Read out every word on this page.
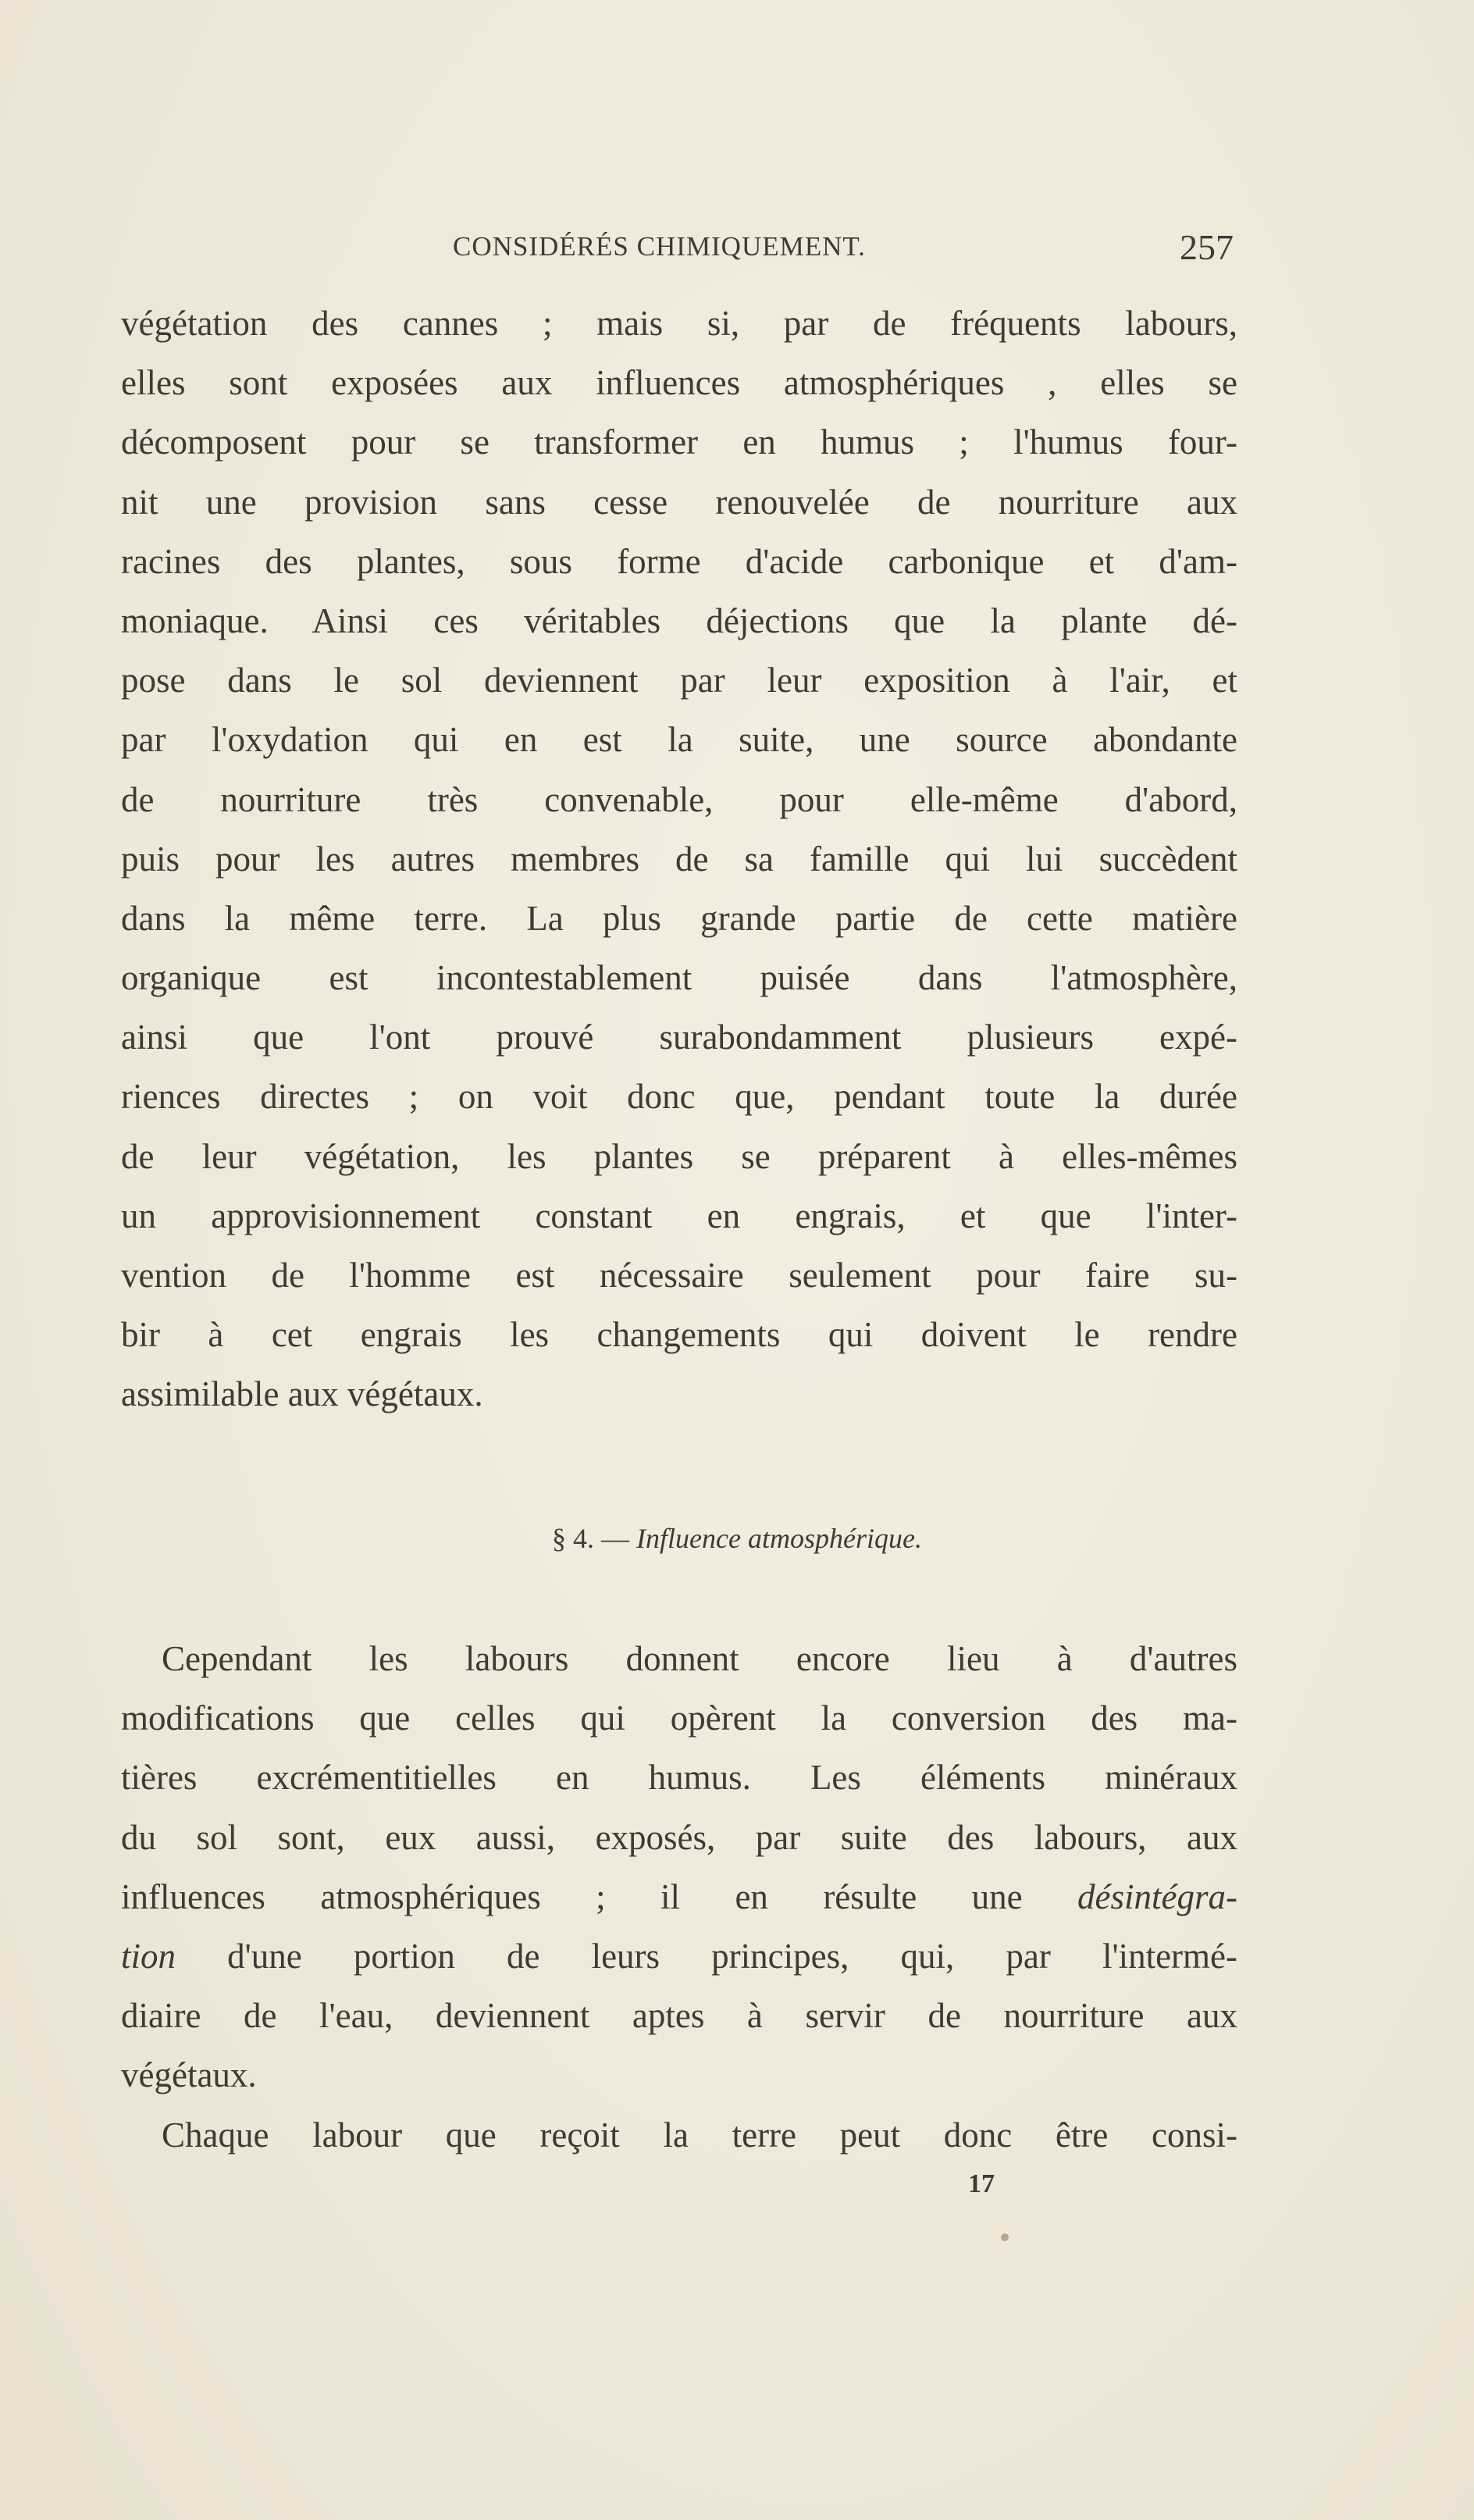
CONSIDÉRÉS CHIMIQUEMENT.	257
végétation des cannes ; mais si, par de fréquents labours,
elles sont exposées aux influences atmosphériques , elles se
décomposent pour se transformer en humus ; l'humus four-
nit une provision sans cesse renouvelée de nourriture aux
racines des plantes, sous forme d'acide carbonique et d'am-
moniaque. Ainsi ces véritables déjections que la plante dé-
pose dans le sol deviennent par leur exposition à l'air, et
par l'oxydation qui en est la suite, une source abondante
de nourriture très convenable, pour elle-même d'abord,
puis pour les autres membres de sa famille qui lui succèdent
dans la même terre. La plus grande partie de cette matière
organique est incontestablement puisée dans l'atmosphère,
ainsi que l'ont prouvé surabondamment plusieurs expé-
riences directes ; on voit donc que, pendant toute la durée
de leur végétation, les plantes se préparent à elles-mêmes
un approvisionnement constant en engrais, et que l'inter-
vention de l'homme est nécessaire seulement pour faire su-
bir à cet engrais les changements qui doivent le rendre
assimilable aux végétaux.
§ 4. — Influence atmosphérique.
Cependant les labours donnent encore lieu à d'autres
modifications que celles qui opèrent la conversion des ma-
tières excrémentitielles en humus. Les éléments minéraux
du sol sont, eux aussi, exposés, par suite des labours, aux
influences atmosphériques ; il en résulte une désintégra-
tion d'une portion de leurs principes, qui, par l'intermé-
diaire de l'eau, deviennent aptes à servir de nourriture aux
végétaux.
Chaque labour que reçoit la terre peut donc être consi-
17
